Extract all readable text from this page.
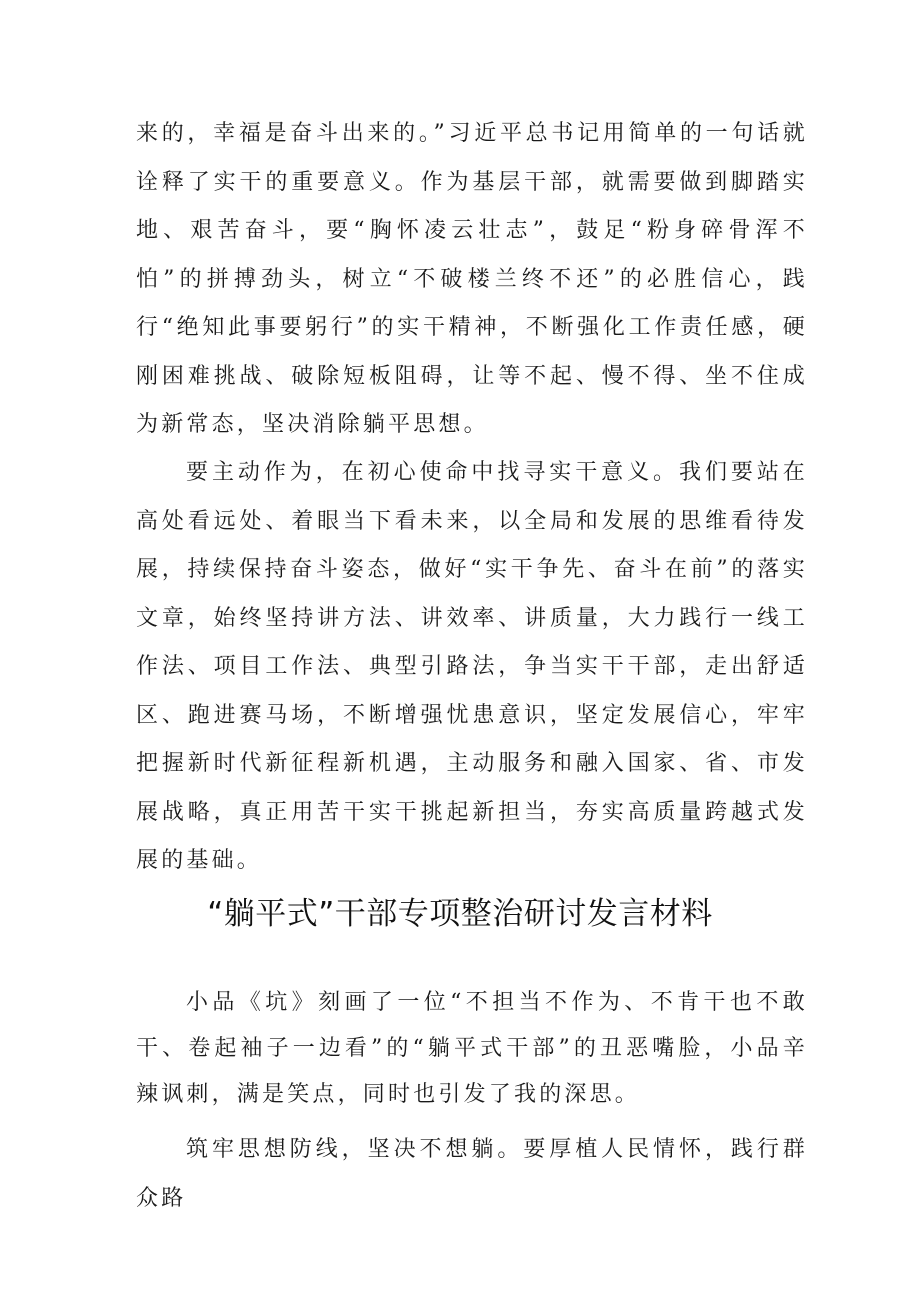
来的，幸福是奋斗出来的。”习近平总书记用简单的一句话就诠释了实干的重要意义。作为基层干部，就需要做到脚踏实地、艰苦奋斗，要“胸怀凌云壮志”，鼓足“粉身碎骨浑不怕”的拼搏劲头，树立“不破楼兰终不还”的必胜信心，践行“绝知此事要躬行”的实干精神，不断强化工作责任感，硬刚困难挑战、破除短板阻碍，让等不起、慢不得、坐不住成为新常态，坚决消除躺平思想。

要主动作为，在初心使命中找寻实干意义。我们要站在高处看远处、着眼当下看未来，以全局和发展的思维看待发展，持续保持奋斗姿态，做好“实干争先、奋斗在前”的落实文章，始终坚持讲方法、讲效率、讲质量，大力践行一线工作法、项目工作法、典型引路法，争当实干干部，走出舒适区、跑进赛马场，不断增强忧患意识，坚定发展信心，牢牢把握新时代新征程新机遇，主动服务和融入国家、省、市发展战略，真正用苦干实干挑起新担当，夯实高质量跨越式发展的基础。

“躺平式”干部专项整治研讨发言材料

小品《坑》刻画了一位“不担当不作为、不肯干也不敢干、卷起袖子一边看”的“躺平式干部”的丑恶嘴脸，小品辛辣讽刺，满是笑点，同时也引发了我的深思。

筑牢思想防线，坚决不想躺。要厚植人民情怀，践行群众路
